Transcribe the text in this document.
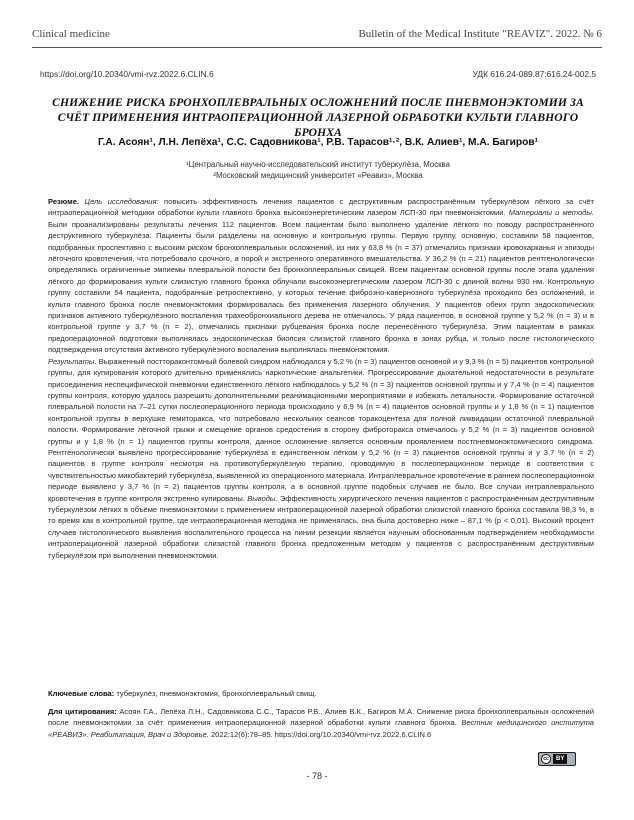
Clinical medicine	Bulletin of the Medical Institute "REAVIZ". 2022. № 6
https://doi.org/10.20340/vmi-rvz.2022.6.CLIN.6	УДК 616.24-089.87:616.24-002.5
СНИЖЕНИЕ РИСКА БРОНХОПЛЕВРАЛЬНЫХ ОСЛОЖНЕНИЙ ПОСЛЕ ПНЕВМОНЭКТОМИИ ЗА СЧЁТ ПРИМЕНЕНИЯ ИНТРАОПЕРАЦИОННОЙ ЛАЗЕРНОЙ ОБРАБОТКИ КУЛЬТИ ГЛАВНОГО БРОНХА
Г.А. Асоян¹, Л.Н. Лепёха¹, С.С. Садовникова¹, Р.В. Тарасов¹·², В.К. Алиев¹, М.А. Багиров¹
¹Центральный научно-исследовательский институт туберкулёза, Москва
²Московский медицинский университет «Реавиз», Москва
Резюме. Цель исследования: повысить эффективность лечения пациентов с деструктивным распространённым туберкулёзом лёгкого за счёт интраоперационной методики обработки культи главного бронха высокоэнергетическим лазером ЛСП-30 при пневмонэктомии. Материалы и методы. Были проанализированы результаты лечения 112 пациентов. Всем пациентам было выполнено удаление лёгкого по поводу распространённого деструктивного туберкулёза. Пациенты были разделены на основную и контрольную группы. Первую группу, основную, составили 58 пациентов, подобранных проспективно с высоким риском бронхоплевральных осложнений, из них у 63,8 % (n = 37) отмечались признаки кровохарканья и эпизоды лёгочного кровотечения, что потребовало срочного, а порой и экстренного оперативного вмешательства. У 36,2 % (n = 21) пациентов рентгенологически определялись ограниченные эмпиемы плевральной полости без бронхоплевральных свищей. Всем пациентам основной группы после этапа удаления лёгкого до формирования культи слизистую главного бронха облучали высокоэнергетическим лазером ЛСП-30 с длиной волны 930 нм. Контрольную группу составили 54 пациента, подобранные ретроспективно, у которых течение фиброзно-кавернозного туберкулёза проходило без осложнений, и культя главного бронха после пневмонэктомии формировалась без применения лазерного облучения. У пациентов обеих групп эндоскопических признаков активного туберкулёзного воспаления трахеобронхиального дерева не отмечалось. У ряда пациентов, в основной группе у 5,2 % (n = 3) и в контрольной группе у 3,7 % (n = 2), отмечались признаки рубцевания бронха после перенесённого туберкулёза. Этим пациентам в рамках предоперационной подготовки выполнялась эндоскопическая биопсия слизистой главного бронха в зонах рубца, и только после гистологического подтверждения отсутствия активного туберкулёзного воспаления выполнялась пневмонэктомия.
Результаты. Выраженный посттораконтомный болевой синдром наблюдался у 5,2 % (n = 3) пациентов основной и у 9,3 % (n = 5) пациентов контрольной группы, для купирования которого длительно применялись наркотические анальгетики. Прогрессирование дыхательной недостаточности в результате присоединения неспецифической пневмонии единственного лёгкого наблюдалось у 5,2 % (n = 3) пациентов основной группы и у 7,4 % (n = 4) пациентов группы контроля, которую удалось разрешить дополнительными реанимационными мероприятиями и избежать летальности. Формирование остаточной плевральной полости на 7–21 сутки послеоперационного периода происходило у 6,9 % (n = 4) пациентов основной группы и у 1,8 % (n = 1) пациентов контрольной группы в верхушке гемиторакса, что потребовало нескольких сеансов торакоцентеза для полной ликвидации остаточной плевральной полости. Формирование лёгочной грыжи и смещение органов средостения в сторону фиброторакса отмечалось у 5,2 % (n = 3) пациентов основной группы и у 1,8 % (n = 1) пациентов группы контроля, данное осложнение является основным проявлением постпневмонэктомического синдрома. Рентгенологически выявлено прогрессирование туберкулёза в единственном лёгком у 5,2 % (n = 3) пациентов основной группы и у 3,7 % (n = 2) пациентов в группе контроля несмотря на противотуберкулёзную терапию, проводимую в послеоперационном периоде в соответствии с чувствительностью микобактерий туберкулёза, выявленной из операционного материала. Интраплевральное кровотечение в раннем послеоперационном периоде выявлено у 3,7 % (n = 2) пациентов группы контроля, а в основной группе подобных случаев не было. Все случаи интраплеврального кровотечения в группе контроля экстренно купированы. Выводы. Эффективность хирургического лечения пациентов с распространённым деструктивным туберкулёзом лёгких в объёме пневмонэктомии с применением интраоперационной лазерной обработки слизистой главного бронха составила 98,3 %, в то время как в контрольной группе, где интраоперационная методика не применялась, она была достоверно ниже – 87,1 % (p < 0,01). Высокий процент случаев гистологического выявления воспалительного процесса на линии резекции является научным обоснованным подтверждением необходимости интраоперационной лазерной обработки слизистой главного бронха предложенным методом у пациентов с распространённым деструктивным туберкулёзом при выполнении пневмонэктомии.
Ключевые слова: туберкулёз, пневмонэктомия, бронхоплевральный свищ.
Для цитирования: Асоян Г.А., Лепёха Л.Н., Садовникова С.С., Тарасов Р.В., Алиев В.К., Багиров М.А. Снижение риска бронхоплевральных осложнений после пневмонэктомии за счёт применения интраоперационной лазерной обработки культи главного бронха. Вестник медицинского института «РЕАВИЗ». Реабилитация, Врач и Здоровье. 2022;12(6):78–85. https://doi.org/10.20340/vmi-rvz.2022.6.CLIN.6
cc	BY
- 78 -
